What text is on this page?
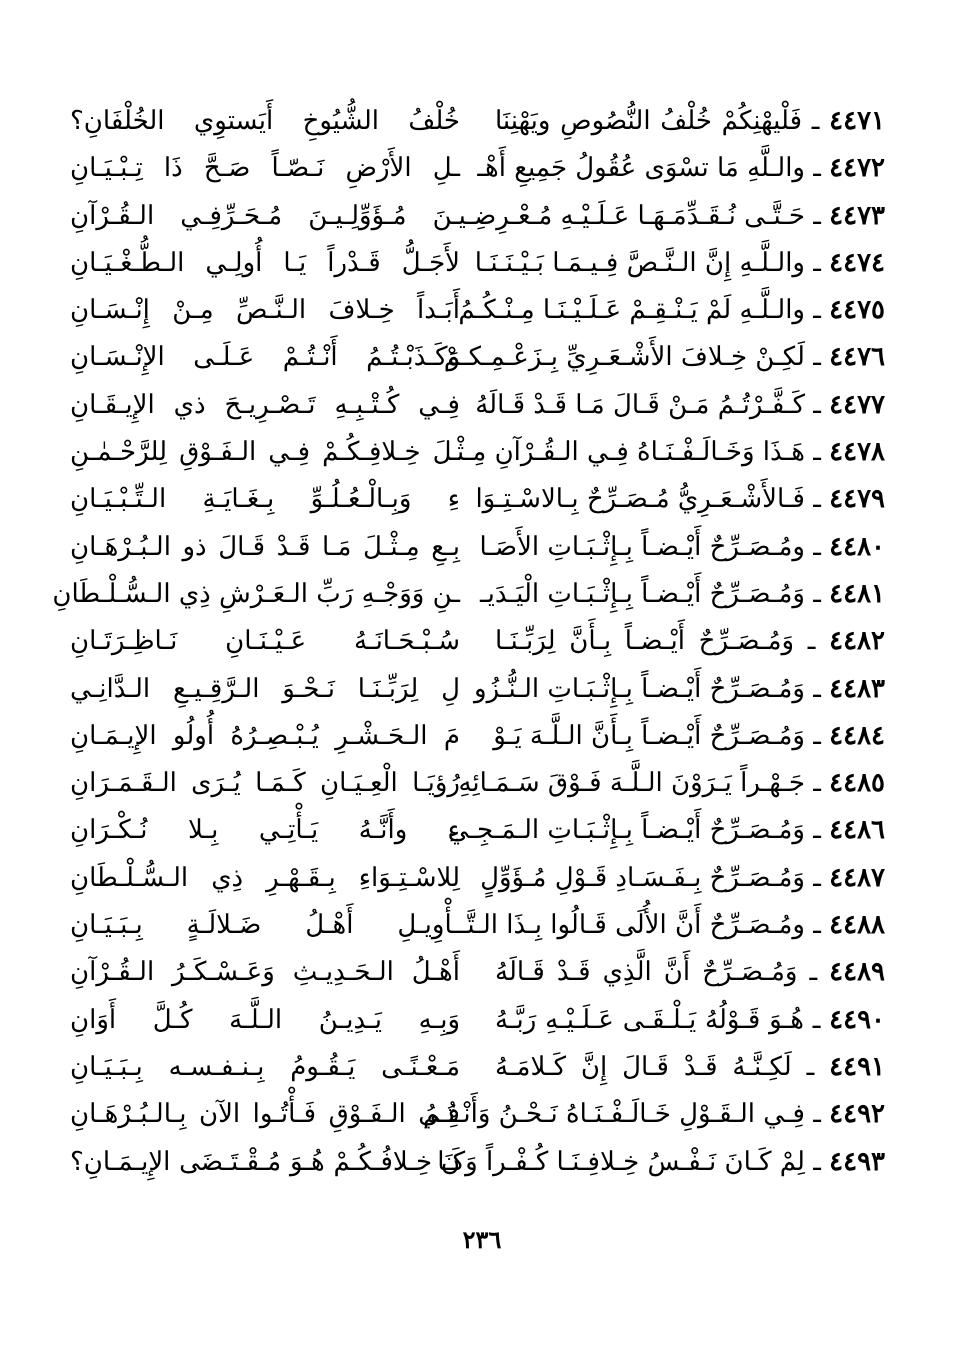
٤٤٧١ ـ فَلْيهْنِكُمْ خُلْفُ النُّصُوصِ ويَهْنِنَا
خُلْفُ الشُّيُوخِ أَيَستوِي الخُلْفَانِ؟
٤٤٧٢ ـ والـلَّهِ مَا تسْوَى عُقُولُ جَمِيعِ أَهْـ
ـلِ الأَرْضِ نَـصّـاً صَـحَّ ذَا تِـبْـيَـانِ
٤٤٧٣ ـ حَـتَّـى نُـقَـدِّمَـهَـا عَـلَـيْـهِ مُـعْـرِضِـيـ
ـنَ مُـؤَوِّلِـيـنَ مُـحَـرِّفِـي الـقُـرْآنِ
٤٤٧٤ ـ والـلَّـهِ إِنَّ الـنَّـصَّ فِـيـمَـا بَـيْـنَـنَـا
لأَجَـلُّ قَـدْراً يَـا أُولِـي الـطُّـغْـيَـانِ
٤٤٧٥ ـ والـلَّـهِ لَمْ يَـنْـقِـمْ عَـلَـيْـنَـا مِـنْـكُـمُ
أَبَـداً خِـلافَ الـنَّـصِّ مِـنْ إِنْـسَـانِ
٤٤٧٦ ـ لَكِـنْ خِـلافَ الأَشْـعَـرِيِّ بِـزَعْـمِـكـمْ
وَكَـذَبْـتُـمُ أَنْـتُـمْ عَـلَـى الإِنْـسَـانِ
٤٤٧٧ ـ كَـفَّـرْتُـمُ مَـنْ قَـالَ مَـا قَـدْ قَـالَهُ
فِـي كُـتْـبِـهِ تَـصْـرِيـحَ ذي الإِيـقَـانِ
٤٤٧٨ ـ هَـذَا وَخَـالَـفْـنَـاهُ فِـي الـقُـرْآنِ مِـثْـ
ـلَ خِـلافِـكُـمْ فِـي الـفَـوْقِ لِلرَّحْـمٰـنِ
٤٤٧٩ ـ فَـالأَشْـعَـرِيُّ مُـصَـرِّحٌ بِـالاسْـتِـوَا
ءِ وَبِـالْـعُـلُـوِّ بِـغَـايَـةِ الـتِّـبْـيَـانِ
٤٤٨٠ ـ ومُـصَـرِّحٌ أَيْـضـاً بِـإِثْـبَـاتِ الأَصَـا
بِـعِ مِـثْـلَ مَـا قَـدْ قَـالَ ذو الـبُـرْهَـانِ
٤٤٨١ ـ وَمُـصَـرِّحٌ أَيْـضـاً بِـإِثْـبَـاتِ الْيَـدَيـ
ـنِ وَوَجْـهِ رَبِّ الـعَـرْشِ ذِي الـسُّـلْـطَانِ
٤٤٨٢ ـ وَمُـصَـرِّحٌ أَيْـضـاً بِـأَنَّ لِرَبِّـنَـا
سُـبْـحَـانَـهُ عَـيْـنَـانِ نَـاظِـرَتَـانِ
٤٤٨٣ ـ وَمُـصَـرِّحٌ أَيْـضـاً بِـإِثْـبَـاتِ الـنُّـزُو
لِ لِرَبِّـنَـا نَـحْـوَ الـرَّقِـيـعِ الـدَّانِـي
٤٤٨٤ ـ وَمُـصَـرِّحٌ أَيْـضـاً بِـأَنَّ الـلَّـهَ يَـوْ
مَ الـحَـشْـرِ يُـبْـصِـرُهُ أُولُو الإِيـمَـانِ
٤٤٨٥ ـ جَـهْـراً يَـرَوْنَ الـلَّـهَ فَـوْقَ سَـمَـائِهِ
رُؤيَـا الْعِـيَـانِ كَـمَـا يُـرَى الـقَـمَـرَانِ
٤٤٨٦ ـ وَمُـصَـرِّحٌ أَيْـضـاً بِـإِثْـبَـاتِ الـمَـجِـي
ءِ وأَنَّـهُ يَـأْتِـي بِـلا نُـكْـرَانِ
٤٤٨٧ ـ وَمُـصَـرِّحٌ بِـفَـسَـادِ قَـوْلِ مُـؤَوِّلٍ
لِلاسْـتِـوَاءِ بِـقَـهْـرِ ذِي الـسُّـلْـطَانِ
٤٤٨٨ ـ ومُـصَـرِّحٌ أَنَّ الأُلَى قَـالُوا بِـذَا الـتَّـ
ـأْوِيـلِ أَهْـلُ ضَـلالَـةٍ بِـبَـيَـانِ
٤٤٨٩ ـ وَمُـصَـرِّحٌ أَنَّ الَّذِي قَـدْ قَـالَهُ
أَهْـلُ الـحَـدِيـثِ وَعَـسْـكَـرُ الـقُـرْآنِ
٤٤٩٠ ـ هُـوَ قَـوْلُهُ يَـلْـقَـى عَـلَـيْـهِ رَبَّـهُ
وَبِـهِ يَـدِيـنُ الـلَّـهَ كُـلَّ أَوَانِ
٤٤٩١ ـ لَكِـنَّـهُ قَـدْ قَـالَ إِنَّ كَـلامَـهُ
مَـعْـنًـى يَـقُـومُ بِـنـفـسـه بِـبَـيَـانِ
٤٤٩٢ ـ فِـي الـقَـوْلِ خَـالَـفْـنَـاهُ نَـحْـنُ وَأَنْـتُـمُ
فِـي الـفَـوْقِ فَـأْتُـوا الآن بِـالـبُـرْهَـانِ
٤٤٩٣ ـ لِمْ كَـانَ نَـفْـسُ خِـلافِـنَـا كُـفْـراً وَكَـا
نَ خِـلافُـكُـمْ هُـوَ مُـقْـتَـضَى الإِيـمَـانِ؟
٢٣٦
